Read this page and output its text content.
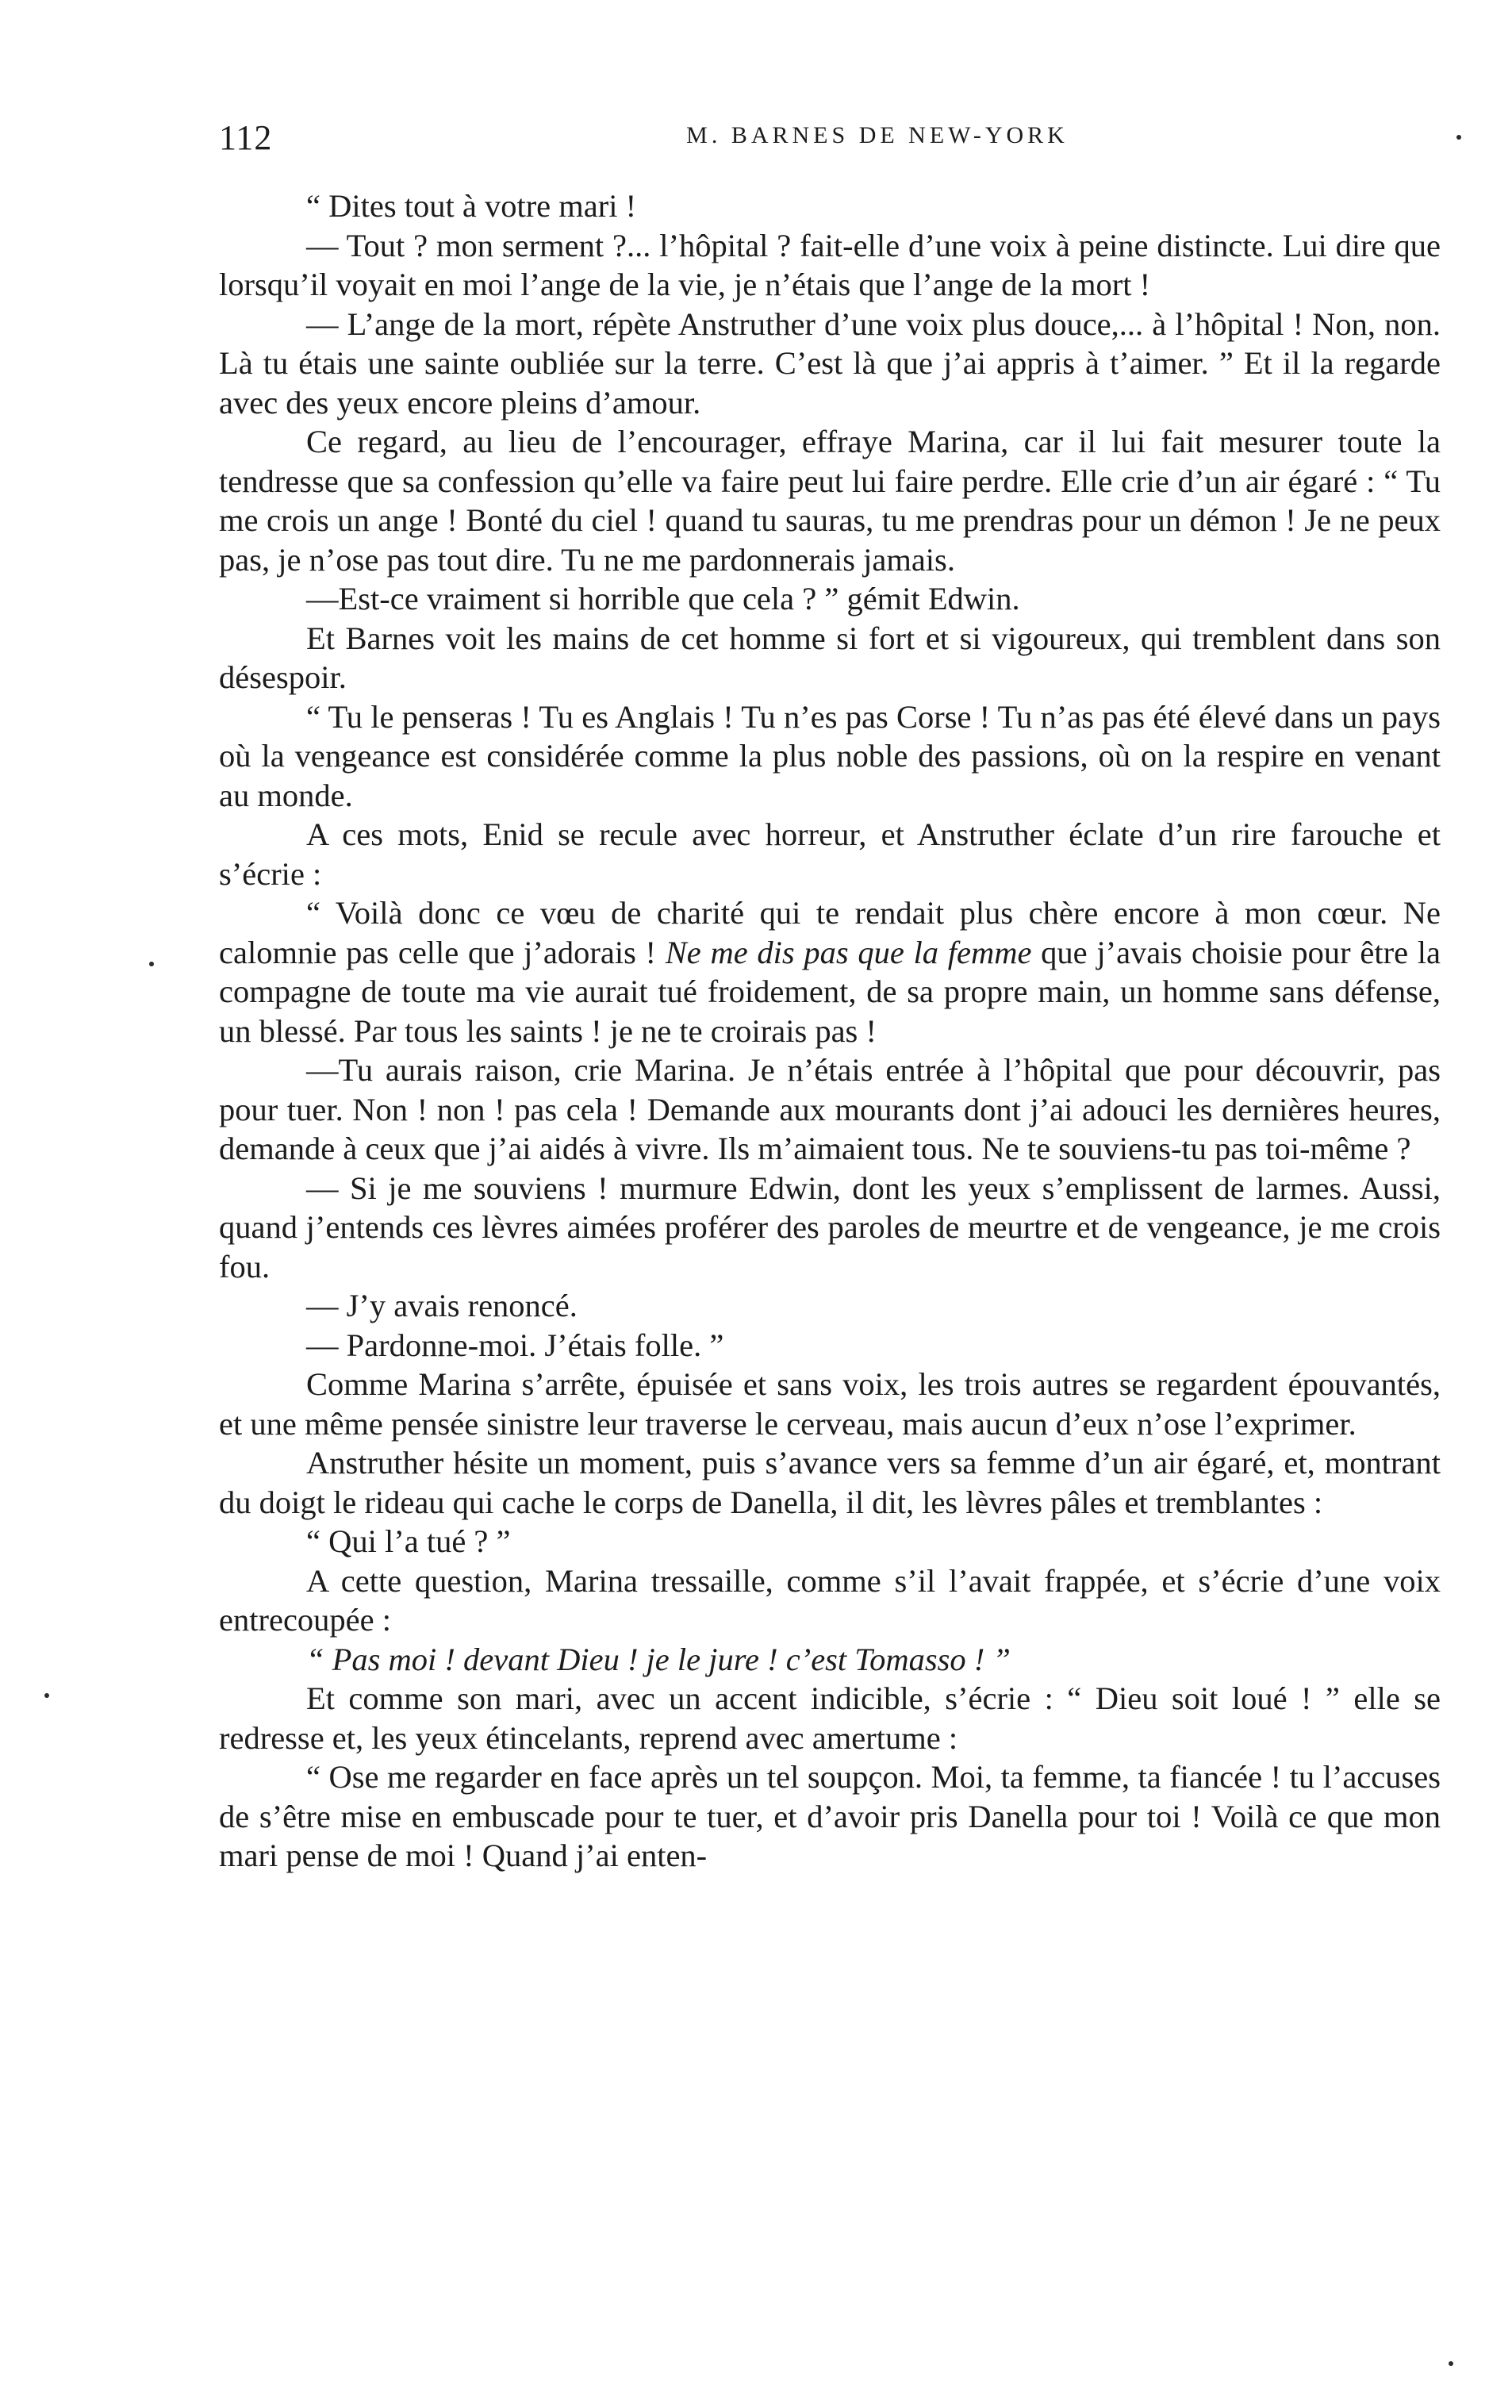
112	M. BARNES DE NEW-YORK

“ Dites tout à votre mari !

— Tout ? mon serment ?... l’hôpital ? fait-elle d’une voix à peine distincte. Lui dire que lorsqu’il voyait en moi l’ange de la vie, je n’étais que l’ange de la mort !

— L’ange de la mort, répète Anstruther d’une voix plus douce,... à l’hôpital ! Non, non. Là tu étais une sainte oubliée sur la terre. C’est là que j’ai appris à t’aimer. ” Et il la regarde avec des yeux encore pleins d’amour.

Ce regard, au lieu de l’encourager, effraye Marina, car il lui fait mesurer toute la tendresse que sa confession qu’elle va faire peut lui faire perdre. Elle crie d’un air égaré : “ Tu me crois un ange ! Bonté du ciel ! quand tu sauras, tu me prendras pour un démon ! Je ne peux pas, je n’ose pas tout dire. Tu ne me pardonnerais jamais.

—Est-ce vraiment si horrible que cela ? ” gémit Edwin.

Et Barnes voit les mains de cet homme si fort et si vigoureux, qui tremblent dans son désespoir.

“ Tu le penseras ! Tu es Anglais ! Tu n’es pas Corse ! Tu n’as pas été élevé dans un pays où la vengeance est considérée comme la plus noble des passions, où on la respire en venant au monde.

A ces mots, Enid se recule avec horreur, et Anstruther éclate d’un rire farouche et s’écrie :

“ Voilà donc ce vœu de charité qui te rendait plus chère encore à mon cœur. Ne calomnie pas celle que j’adorais ! Ne me dis pas que la femme que j’avais choisie pour être la compagne de toute ma vie aurait tué froidement, de sa propre main, un homme sans défense, un blessé. Par tous les saints ! je ne te croirais pas !

—Tu aurais raison, crie Marina. Je n’étais entrée à l’hôpital que pour découvrir, pas pour tuer. Non ! non ! pas cela ! Demande aux mourants dont j’ai adouci les dernières heures, demande à ceux que j’ai aidés à vivre. Ils m’aimaient tous. Ne te souviens-tu pas toi-même ?

— Si je me souviens ! murmure Edwin, dont les yeux s’emplissent de larmes. Aussi, quand j’entends ces lèvres aimées proférer des paroles de meurtre et de vengeance, je me crois fou.

— J’y avais renoncé.

— Pardonne-moi. J’étais folle. ”

Comme Marina s’arrête, épuisée et sans voix, les trois autres se regardent épouvantés, et une même pensée sinistre leur traverse le cerveau, mais aucun d’eux n’ose l’exprimer.

Anstruther hésite un moment, puis s’avance vers sa femme d’un air égaré, et, montrant du doigt le rideau qui cache le corps de Danella, il dit, les lèvres pâles et tremblantes :

“ Qui l’a tué ? ”

A cette question, Marina tressaille, comme s’il l’avait frappée, et s’écrie d’une voix entrecoupée :

“ Pas moi ! devant Dieu ! je le jure ! c’est Tomasso ! ”

Et comme son mari, avec un accent indicible, s’écrie : “ Dieu soit loué ! ” elle se redresse et, les yeux étincelants, reprend avec amertume :

“ Ose me regarder en face après un tel soupçon. Moi, ta femme, ta fiancée ! tu l’accuses de s’être mise en embuscade pour te tuer, et d’avoir pris Danella pour toi ! Voilà ce que mon mari pense de moi ! Quand j’ai enten-
